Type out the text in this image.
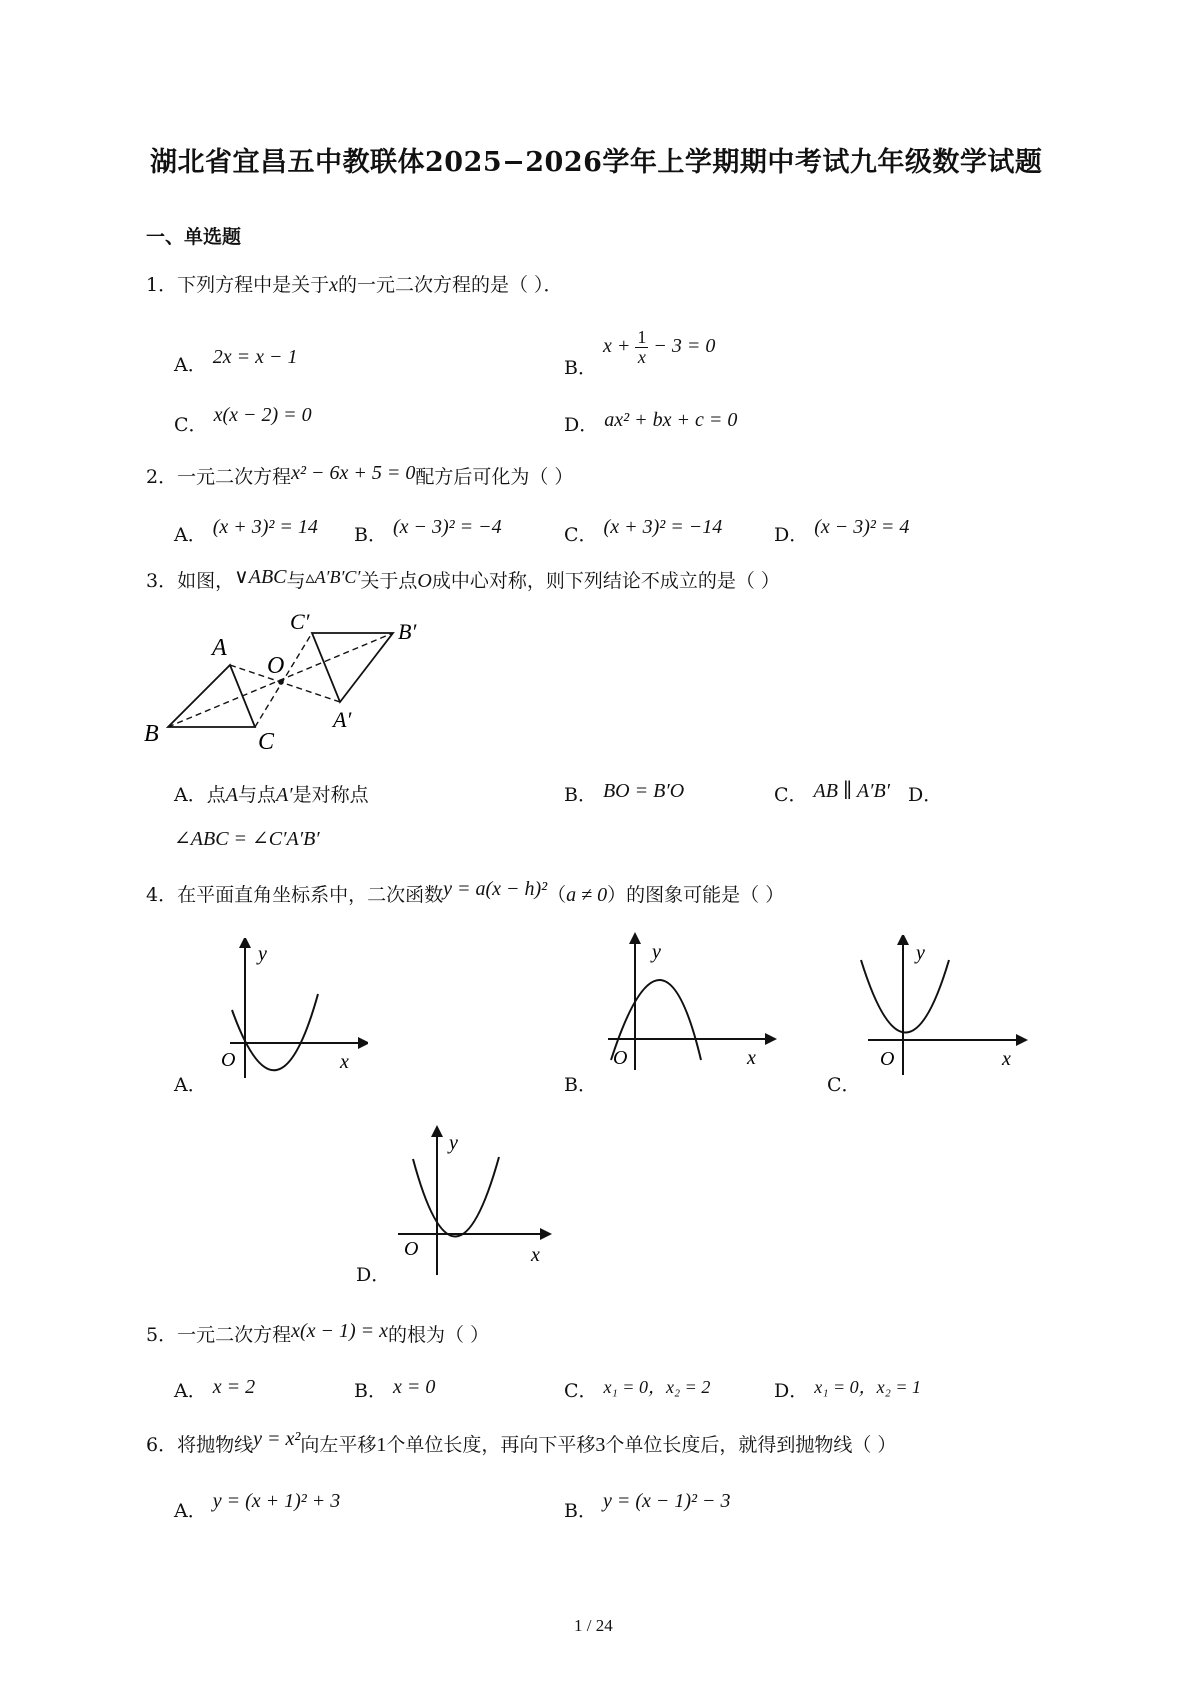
湖北省宜昌五中教联体2025−2026学年上学期期中考试九年级数学试题
一、单选题
1．下列方程中是关于x的一元二次方程的是（ ）．
A． 2x = x − 1	B． $x + \frac{1}{x} - 3 = 0$
C． x(x − 2) = 0	D． ax² + bx + c = 0
2．一元二次方程x² − 6x + 5 = 0配方后可化为（ ）
A． (x + 3)² = 14 B． (x − 3)² = −4	C． (x + 3)² = −14	D． (x − 3)² = 4
3．如图，∨ABC与▵A′B′C′关于点O成中心对称，则下列结论不成立的是（ ）
A
B	C
O
A′
B′
C′
A．点A与点A′是对称点	B． BO = B′O	C． AB ∥ A′B′ D．
∠ABC = ∠C′A′B′
4．在平面直角坐标系中，二次函数y = a(x − h)²（a ≠ 0）的图象可能是（ ）
A．
y
x
O
B．
y
x
O
C．
y
x
O
D．
y
x
O
5．一元二次方程x(x − 1) = x的根为（ ）
A． x = 2	B． x = 0	C． x₁ = 0，x₂ = 2	D． x₁ = 0，x₂ = 1
6．将抛物线y = x²向左平移1个单位长度，再向下平移3个单位长度后，就得到抛物线（ ）
A． y = (x + 1)² + 3	B． y = (x − 1)² − 3
1 / 24
